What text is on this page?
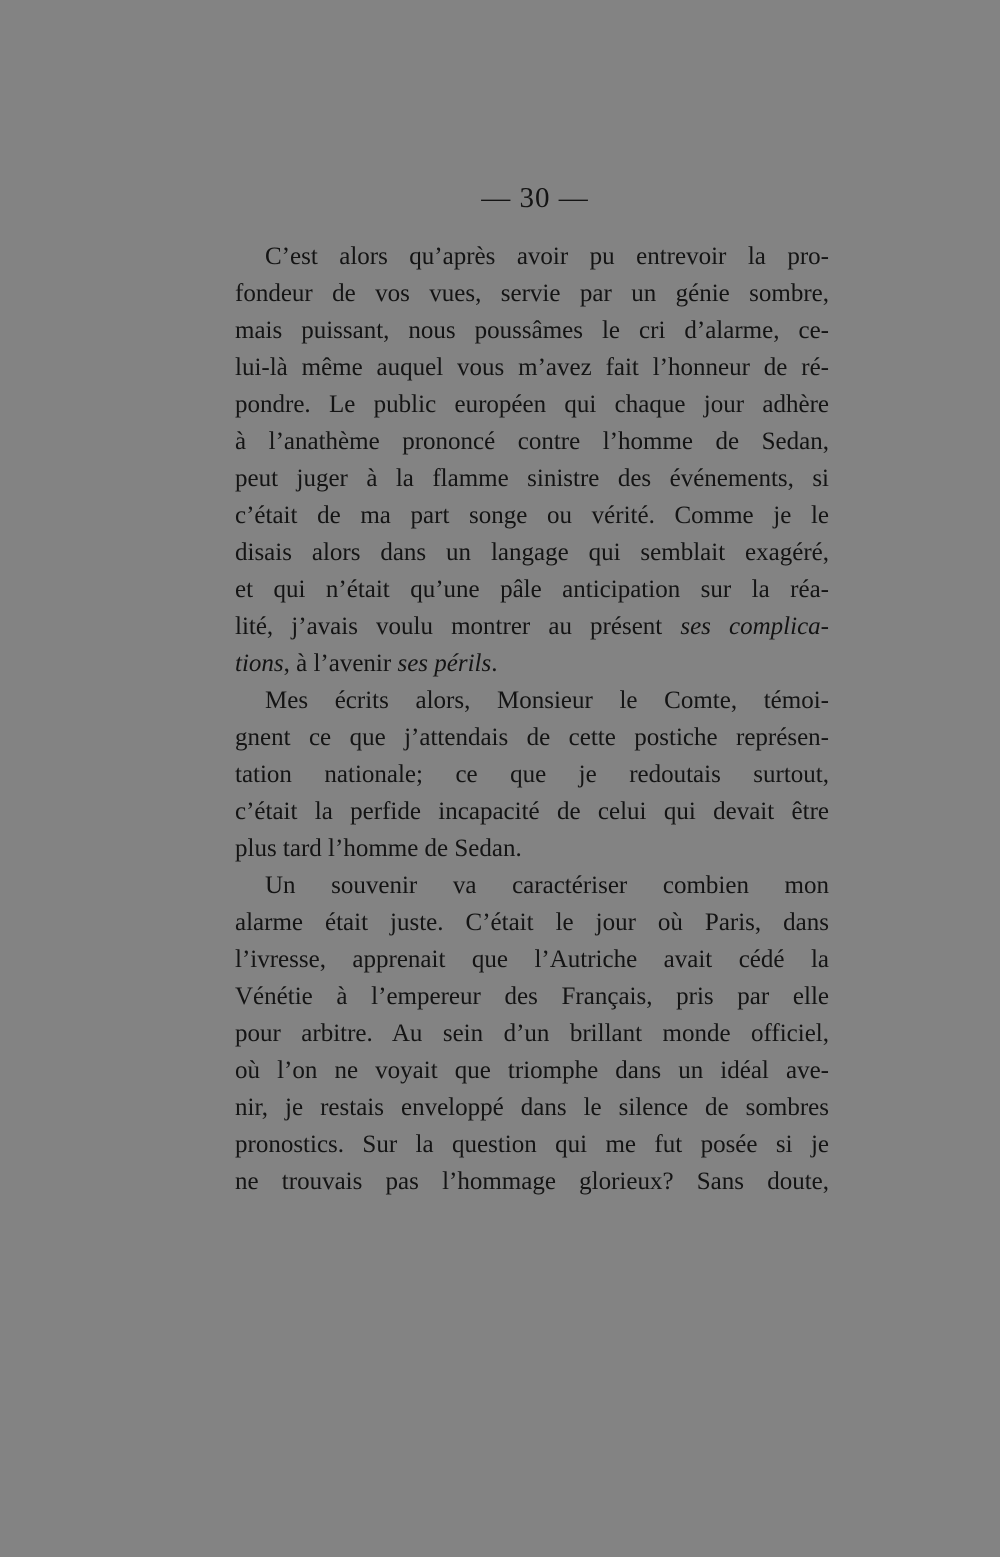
— 30 —

C’est alors qu’après avoir pu entrevoir la pro-
fondeur de vos vues, servie par un génie sombre,
mais puissant, nous poussâmes le cri d’alarme, ce-
lui-là même auquel vous m’avez fait l’honneur de ré-
pondre. Le public européen qui chaque jour adhère
à l’anathème prononcé contre l’homme de Sedan,
peut juger à la flamme sinistre des événements, si
c’était de ma part songe ou vérité. Comme je le
disais alors dans un langage qui semblait exagéré,
et qui n’était qu’une pâle anticipation sur la réa-
lité, j’avais voulu montrer au présent ses complica-
tions, à l’avenir ses périls.
Mes écrits alors, Monsieur le Comte, témoi-
gnent ce que j’attendais de cette postiche représen-
tation nationale; ce que je redoutais surtout,
c’était la perfide incapacité de celui qui devait être
plus tard l’homme de Sedan.
Un souvenir va caractériser combien mon
alarme était juste. C’était le jour où Paris, dans
l’ivresse, apprenait que l’Autriche avait cédé la
Vénétie à l’empereur des Français, pris par elle
pour arbitre. Au sein d’un brillant monde officiel,
où l’on ne voyait que triomphe dans un idéal ave-
nir, je restais enveloppé dans le silence de sombres
pronostics. Sur la question qui me fut posée si je
ne trouvais pas l’hommage glorieux? Sans doute,
